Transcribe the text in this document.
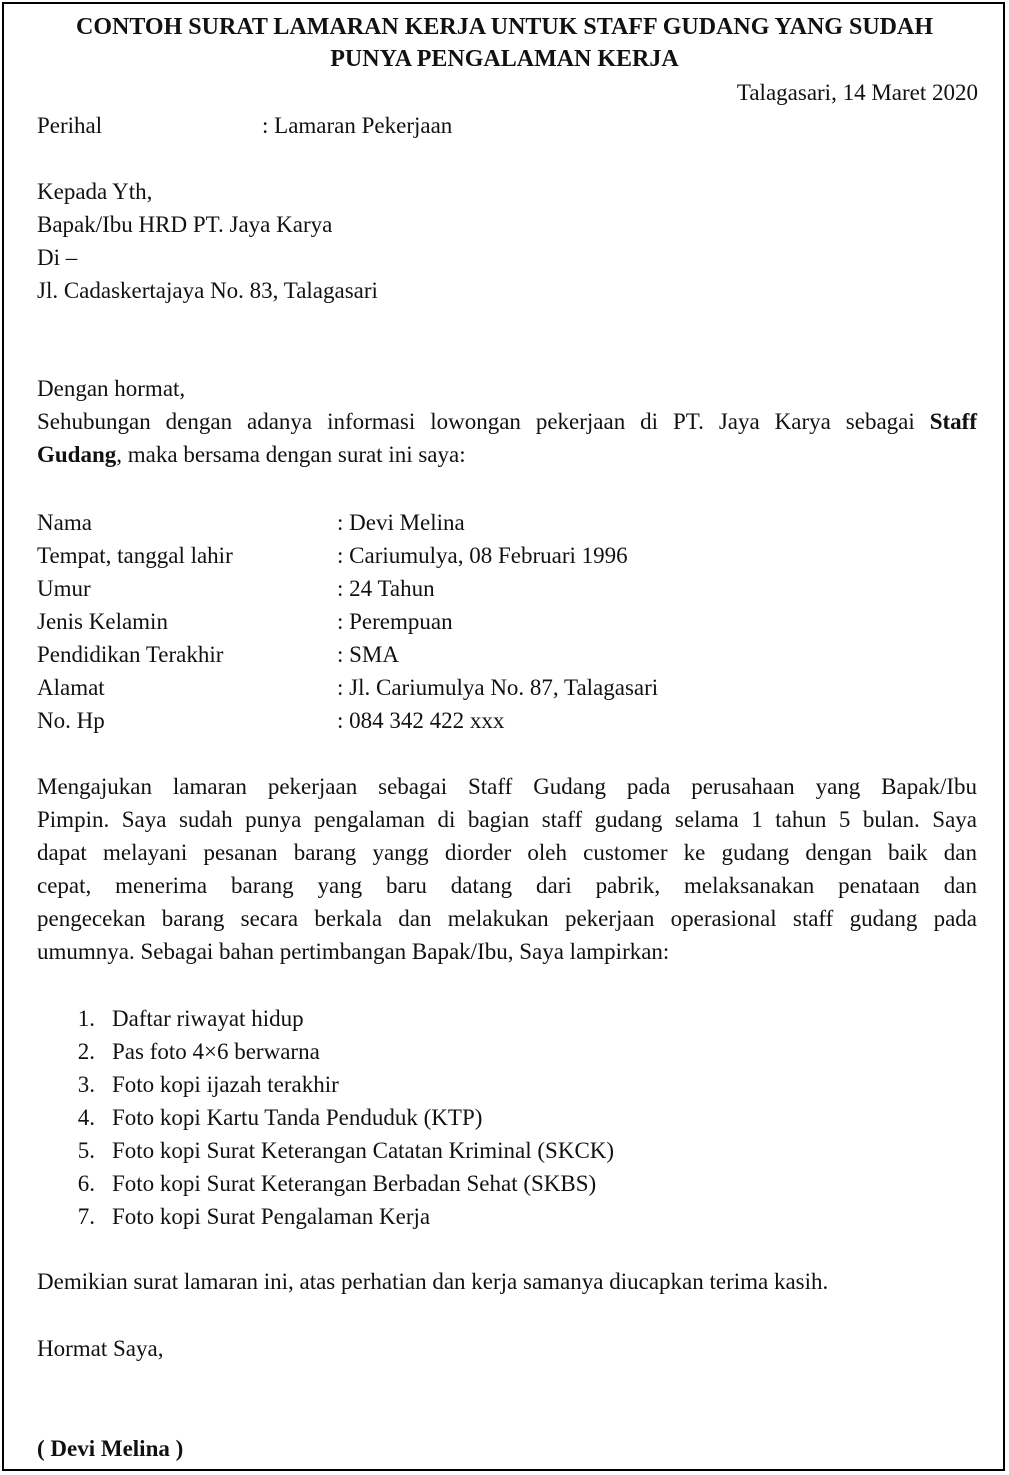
CONTOH SURAT LAMARAN KERJA UNTUK STAFF GUDANG YANG SUDAH
PUNYA PENGALAMAN KERJA
Talagasari, 14 Maret 2020
Perihal	: Lamaran Pekerjaan
Kepada Yth,
Bapak/Ibu HRD PT. Jaya Karya
Di –
Jl. Cadaskertajaya No. 83, Talagasari
Dengan hormat,
Sehubungan dengan adanya informasi lowongan pekerjaan di PT. Jaya Karya sebagai Staff
Gudang, maka bersama dengan surat ini saya:
Nama	: Devi Melina
Tempat, tanggal lahir	: Cariumulya, 08 Februari 1996
Umur	: 24 Tahun
Jenis Kelamin	: Perempuan
Pendidikan Terakhir	: SMA
Alamat	: Jl. Cariumulya No. 87, Talagasari
No. Hp	: 084 342 422 xxx
Mengajukan lamaran pekerjaan sebagai Staff Gudang pada perusahaan yang Bapak/Ibu
Pimpin. Saya sudah punya pengalaman di bagian staff gudang selama 1 tahun 5 bulan. Saya
dapat melayani pesanan barang yangg diorder oleh customer ke gudang dengan baik dan
cepat, menerima barang yang baru datang dari pabrik, melaksanakan penataan dan
pengecekan barang secara berkala dan melakukan pekerjaan operasional staff gudang pada
umumnya. Sebagai bahan pertimbangan Bapak/Ibu, Saya lampirkan:
1. Daftar riwayat hidup
2. Pas foto 4×6 berwarna
3. Foto kopi ijazah terakhir
4. Foto kopi Kartu Tanda Penduduk (KTP)
5. Foto kopi Surat Keterangan Catatan Kriminal (SKCK)
6. Foto kopi Surat Keterangan Berbadan Sehat (SKBS)
7. Foto kopi Surat Pengalaman Kerja
Demikian surat lamaran ini, atas perhatian dan kerja samanya diucapkan terima kasih.
Hormat Saya,
( Devi Melina )
